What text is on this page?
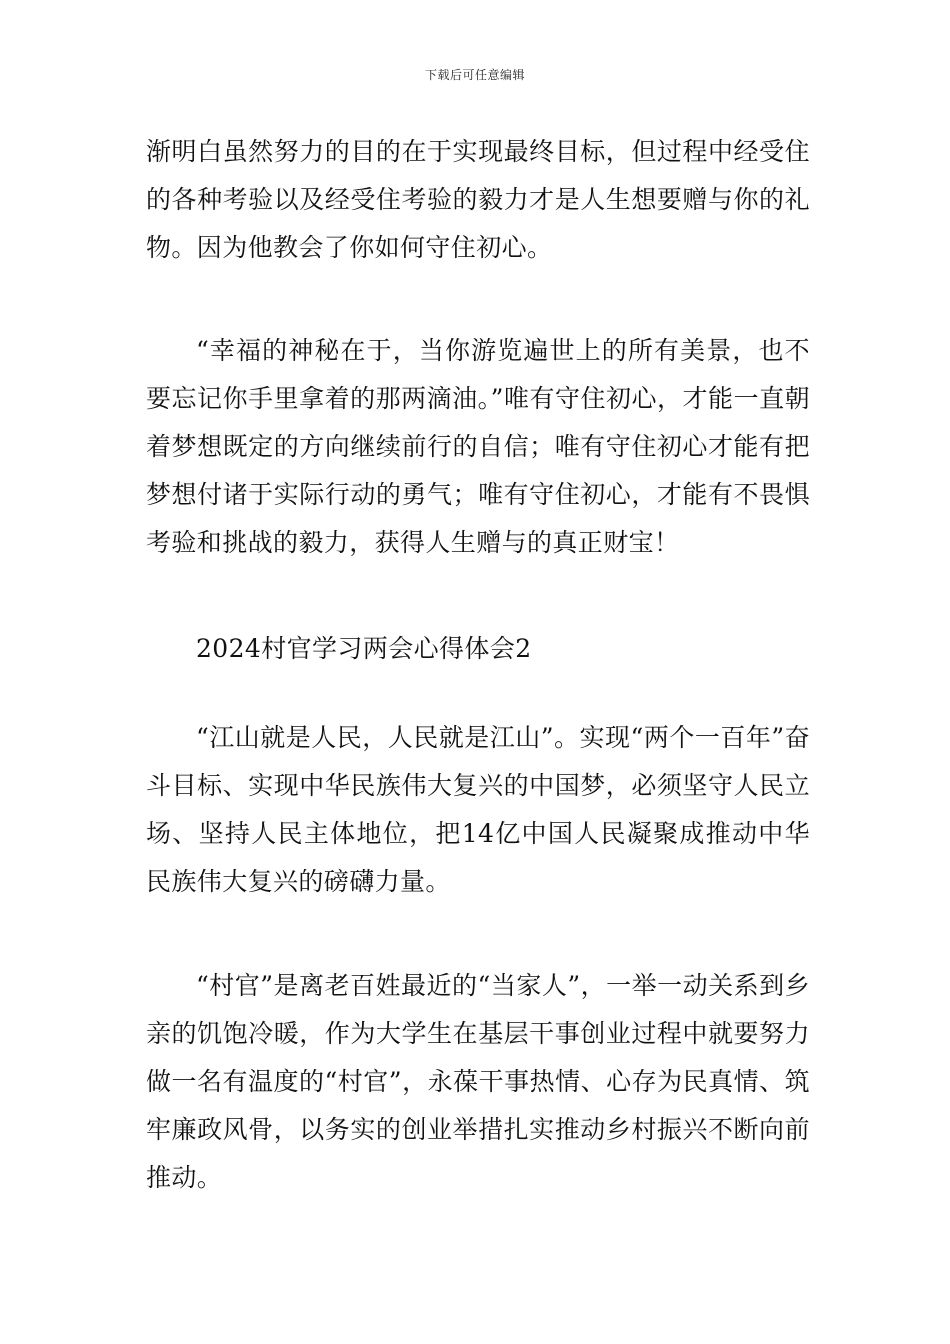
下载后可任意编辑

渐明白虽然努力的目的在于实现最终目标，但过程中经受住的各种考验以及经受住考验的毅力才是人生想要赠与你的礼物。因为他教会了你如何守住初心。

“幸福的神秘在于，当你游览遍世上的所有美景，也不要忘记你手里拿着的那两滴油。”唯有守住初心，才能一直朝着梦想既定的方向继续前行的自信；唯有守住初心才能有把梦想付诸于实际行动的勇气；唯有守住初心，才能有不畏惧考验和挑战的毅力，获得人生赠与的真正财宝！

2024村官学习两会心得体会2

“江山就是人民，人民就是江山”。实现“两个一百年”奋斗目标、实现中华民族伟大复兴的中国梦，必须坚守人民立场、坚持人民主体地位，把14亿中国人民凝聚成推动中华民族伟大复兴的磅礴力量。

“村官”是离老百姓最近的“当家人”，一举一动关系到乡亲的饥饱冷暖，作为大学生在基层干事创业过程中就要努力做一名有温度的“村官”，永葆干事热情、心存为民真情、筑牢廉政风骨，以务实的创业举措扎实推动乡村振兴不断向前推动。
